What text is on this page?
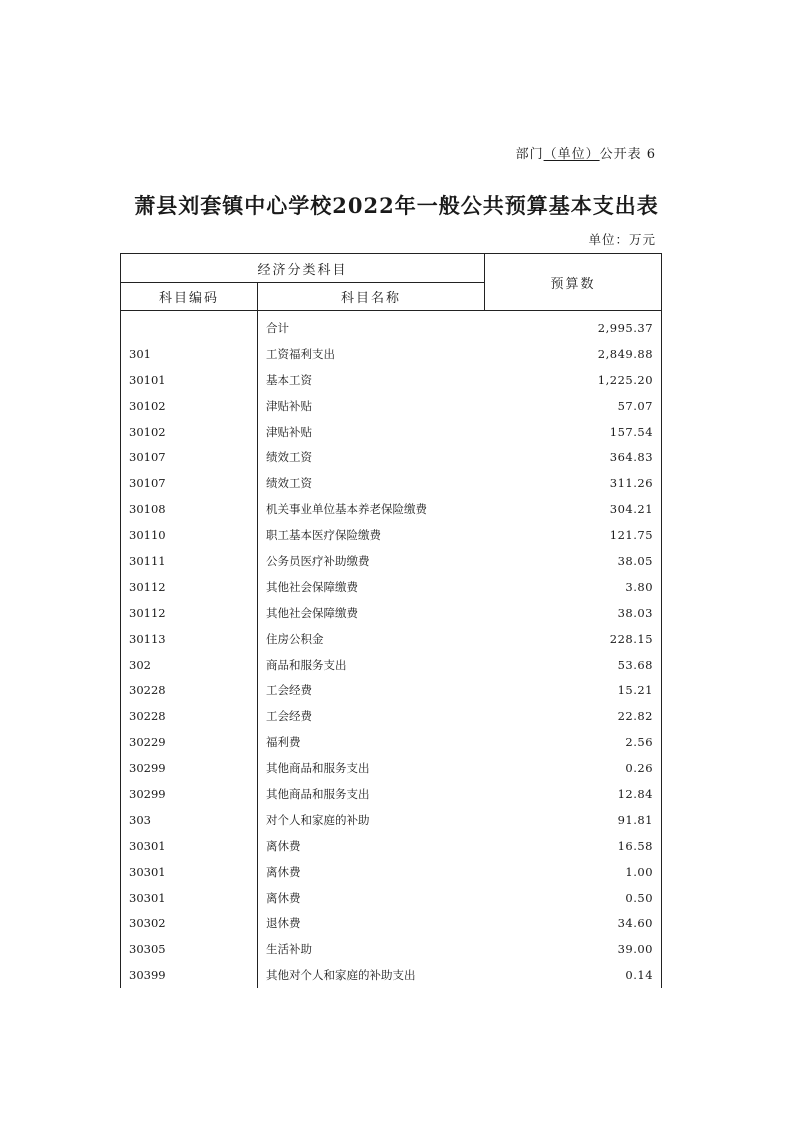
部门（单位）公开表 6
萧县刘套镇中心学校2022年一般公共预算基本支出表
单位：万元
经济分类科目		预算数
科目编码	科目名称	

	合计	2,995.37
301	工资福利支出	2,849.88
30101	基本工资	1,225.20
30102	津贴补贴	57.07
30102	津贴补贴	157.54
30107	绩效工资	364.83
30107	绩效工资	311.26
30108	机关事业单位基本养老保险缴费	304.21
30110	职工基本医疗保险缴费	121.75
30111	公务员医疗补助缴费	38.05
30112	其他社会保障缴费	3.80
30112	其他社会保障缴费	38.03
30113	住房公积金	228.15
302	商品和服务支出	53.68
30228	工会经费	15.21
30228	工会经费	22.82
30229	福利费	2.56
30299	其他商品和服务支出	0.26
30299	其他商品和服务支出	12.84
303	对个人和家庭的补助	91.81
30301	离休费	16.58
30301	离休费	1.00
30301	离休费	0.50
30302	退休费	34.60
30305	生活补助	39.00
30399	其他对个人和家庭的补助支出	0.14
